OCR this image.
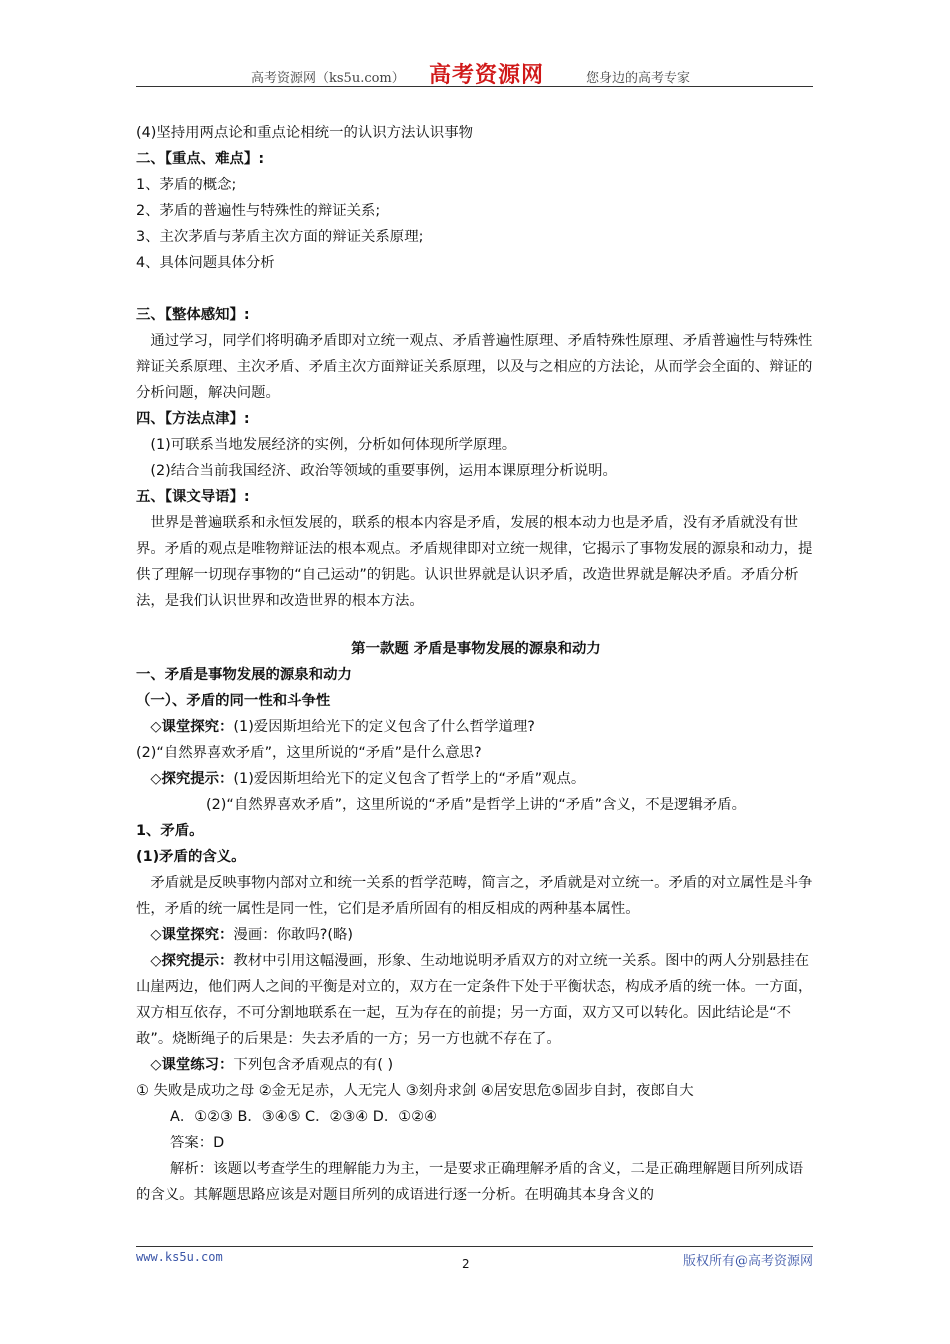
高考资源网（ks5u.com） 高考资源网	您身边的高考专家

(4)坚持用两点论和重点论相统一的认识方法认识事物

二、【重点、难点】:

1、茅盾的概念;

2、茅盾的普遍性与特殊性的辩证关系;

3、主次茅盾与茅盾主次方面的辩证关系原理;

4、具体问题具体分析

三、【整体感知】:

通过学习，同学们将明确矛盾即对立统一观点、矛盾普遍性原理、矛盾特殊性原理、矛盾普遍性与特殊性辩证关系原理、主次矛盾、矛盾主次方面辩证关系原理，以及与之相应的方法论，从而学会全面的、辩证的分析问题，解决问题。

四、【方法点津】:

(1)可联系当地发展经济的实例，分析如何体现所学原理。

(2)结合当前我国经济、政治等领域的重要事例，运用本课原理分析说明。

五、【课文导语】:

世界是普遍联系和永恒发展的，联系的根本内容是矛盾，发展的根本动力也是矛盾，没有矛盾就没有世界。矛盾的观点是唯物辩证法的根本观点。矛盾规律即对立统一规律，它揭示了事物发展的源泉和动力，提供了理解一切现存事物的“自己运动”的钥匙。认识世界就是认识矛盾，改造世界就是解决矛盾。矛盾分析法，是我们认识世界和改造世界的根本方法。

第一款题 矛盾是事物发展的源泉和动力

一、矛盾是事物发展的源泉和动力

（一）、矛盾的同一性和斗争性

◇课堂探究：(1)爱因斯坦给光下的定义包含了什么哲学道理?

(2)“自然界喜欢矛盾”，这里所说的“矛盾”是什么意思?

◇探究提示：(1)爱因斯坦给光下的定义包含了哲学上的“矛盾”观点。

(2)“自然界喜欢矛盾”，这里所说的“矛盾”是哲学上讲的“矛盾”含义，不是逻辑矛盾。

1、矛盾。

(1)矛盾的含义。

矛盾就是反映事物内部对立和统一关系的哲学范畴，简言之，矛盾就是对立统一。矛盾的对立属性是斗争性，矛盾的统一属性是同一性，它们是矛盾所固有的相反相成的两种基本属性。

◇课堂探究：漫画：你敢吗?(略)

◇探究提示：教材中引用这幅漫画，形象、生动地说明矛盾双方的对立统一关系。图中的两人分别悬挂在山崖两边，他们两人之间的平衡是对立的，双方在一定条件下处于平衡状态，构成矛盾的统一体。一方面，双方相互依存，不可分割地联系在一起，互为存在的前提；另一方面，双方又可以转化。因此结论是“不敢”。烧断绳子的后果是：失去矛盾的一方；另一方也就不存在了。

◇课堂练习：下列包含矛盾观点的有( )

① 失败是成功之母 ②金无足赤，人无完人 ③刻舟求剑 ④居安思危⑤固步自封，夜郎自大

A．①②③ B．③④⑤ C．②③④ D．①②④

答案：D

解析：该题以考查学生的理解能力为主，一是要求正确理解矛盾的含义，二是正确理解题目所列成语的含义。其解题思路应该是对题目所列的成语进行逐一分析。在明确其本身含义的

www.ks5u.com	2	版权所有@高考资源网
